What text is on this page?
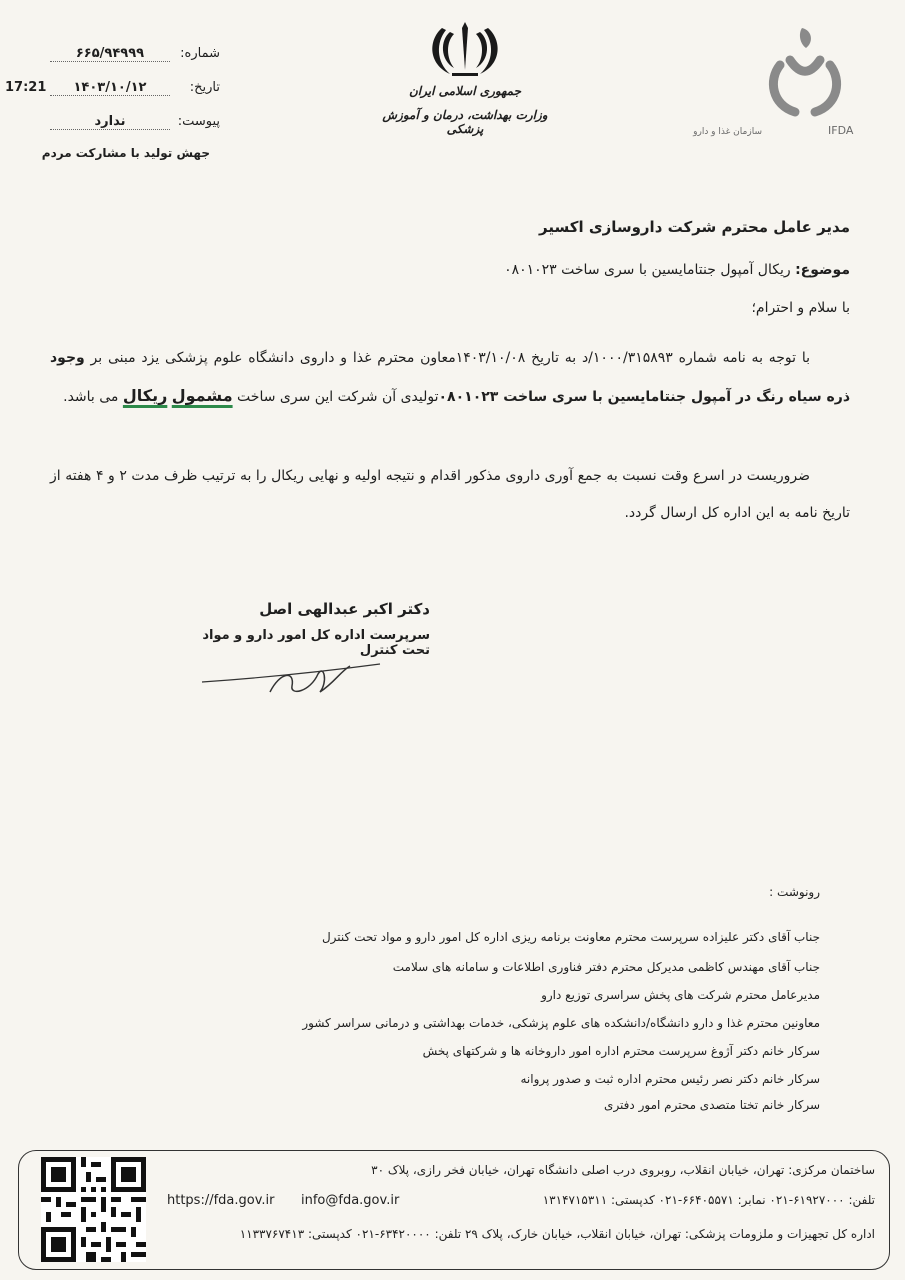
جمهوری اسلامی ایران
وزارت بهداشت، درمان و آموزش پزشکی	سازمان غذا و دارو	IFDA
شماره:
۶۶۵/۹۴۹۹۹
تاریخ:
۱۴۰۳/۱۰/۱۲
17:21
پیوست:
ندارد
جهش تولید با مشارکت مردم
مدیر عامل محترم شرکت داروسازی اکسیر
موضوع: ریکال آمپول جنتامایسین با سری ساخت ۰۸۰۱۰۲۳
با سلام و احترام؛
با توجه به نامه شماره ۱۰۰۰/۳۱۵۸۹۳/د به تاریخ ۱۴۰۳/۱۰/۰۸معاون محترم غذا و داروی دانشگاه علوم پزشکی یزد مبنی بر وجود ذره سیاه رنگ در آمپول جنتامایسین با سری ساخت ۰۸۰۱۰۲۳تولیدی آن شرکت این سری ساخت مشمول ریکال می باشد.
ضروریست در اسرع وقت نسبت به جمع آوری داروی مذکور اقدام و نتیجه اولیه و نهایی ریکال را به ترتیب ظرف مدت ۲ و ۴ هفته از تاریخ نامه به این اداره کل ارسال گردد.
دکتر اکبر عبدالهی اصل
سرپرست اداره کل امور دارو و مواد تحت کنترل
رونوشت :
جناب آقای دکتر علیزاده سرپرست محترم معاونت برنامه ریزی اداره کل امور دارو و مواد تحت کنترل
جناب آقای مهندس کاظمی مدیرکل محترم دفتر فناوری اطلاعات و سامانه های سلامت
مدیرعامل محترم شرکت های پخش سراسری توزیع دارو
معاونین محترم غذا و دارو دانشگاه/دانشکده های علوم پزشکی، خدمات بهداشتی و درمانی سراسر کشور
سرکار خانم دکتر آژوغ سرپرست محترم اداره امور داروخانه ها و شرکتهای پخش
سرکار خانم دکتر نصر رئیس محترم اداره ثبت و صدور پروانه
سرکار خانم تختا متصدی محترم امور دفتری
ساختمان مرکزی: تهران، خیابان انقلاب، روبروی درب اصلی دانشگاه تهران، خیابان فخر رازی، پلاک ۳۰
تلفن: ۶۱۹۲۷۰۰۰-۰۲۱ نمابر: ۶۶۴۰۵۵۷۱-۰۲۱ کدپستی: ۱۳۱۴۷۱۵۳۱۱
info@fda.gov.ir
https://fda.gov.ir
اداره کل تجهیزات و ملزومات پزشکی: تهران، خیابان انقلاب، خیابان خارک، پلاک ۲۹ تلفن: ۶۳۴۲۰۰۰۰-۰۲۱ کدپستی: ۱۱۳۳۷۶۷۴۱۳
